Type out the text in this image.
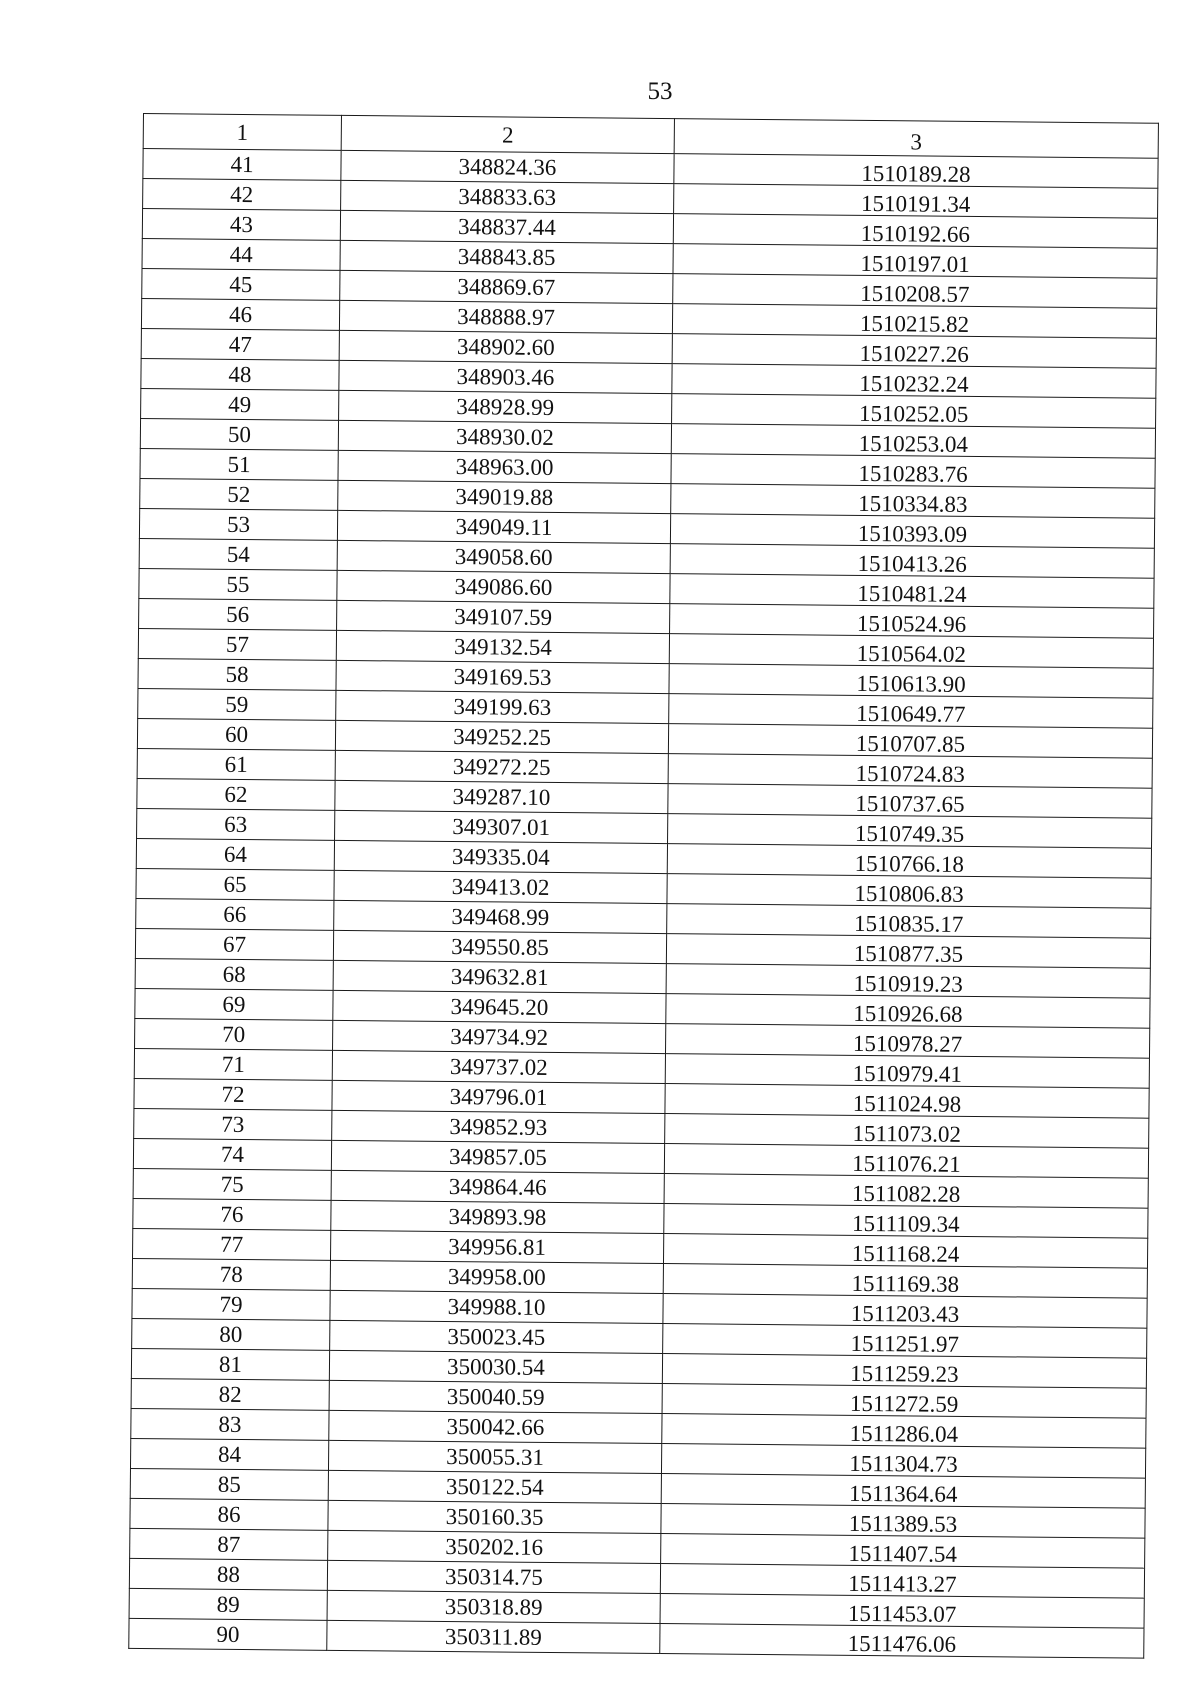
53
1	2	3
41	348824.36	1510189.28
42	348833.63	1510191.34
43	348837.44	1510192.66
44	348843.85	1510197.01
45	348869.67	1510208.57
46	348888.97	1510215.82
47	348902.60	1510227.26
48	348903.46	1510232.24
49	348928.99	1510252.05
50	348930.02	1510253.04
51	348963.00	1510283.76
52	349019.88	1510334.83
53	349049.11	1510393.09
54	349058.60	1510413.26
55	349086.60	1510481.24
56	349107.59	1510524.96
57	349132.54	1510564.02
58	349169.53	1510613.90
59	349199.63	1510649.77
60	349252.25	1510707.85
61	349272.25	1510724.83
62	349287.10	1510737.65
63	349307.01	1510749.35
64	349335.04	1510766.18
65	349413.02	1510806.83
66	349468.99	1510835.17
67	349550.85	1510877.35
68	349632.81	1510919.23
69	349645.20	1510926.68
70	349734.92	1510978.27
71	349737.02	1510979.41
72	349796.01	1511024.98
73	349852.93	1511073.02
74	349857.05	1511076.21
75	349864.46	1511082.28
76	349893.98	1511109.34
77	349956.81	1511168.24
78	349958.00	1511169.38
79	349988.10	1511203.43
80	350023.45	1511251.97
81	350030.54	1511259.23
82	350040.59	1511272.59
83	350042.66	1511286.04
84	350055.31	1511304.73
85	350122.54	1511364.64
86	350160.35	1511389.53
87	350202.16	1511407.54
88	350314.75	1511413.27
89	350318.89	1511453.07
90	350311.89	1511476.06
